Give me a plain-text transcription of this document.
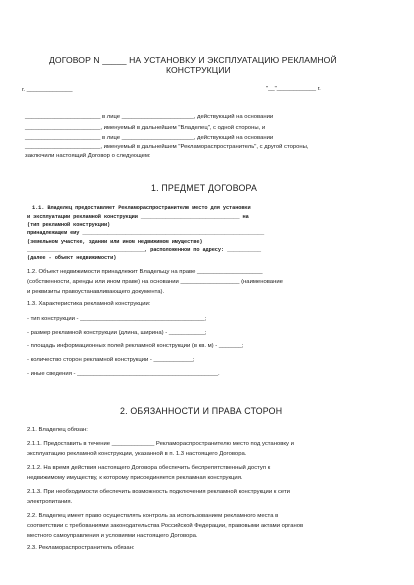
ДОГОВОР N _____ НА УСТАНОВКУ И ЭКСПЛУАТАЦИЮ РЕКЛАМНОЙ
КОНСТРУКЦИИ
г. ______________	"__"____________ г.
_______________________ в лице ______________________, действующий на основании
_______________________, именуемый в дальнейшем "Владелец", с одной стороны, и
_______________________ в лице ______________________, действующий на основании
_______________________, именуемый в дальнейшем "Рекламораспространитель", с другой стороны,
заключили настоящий Договор о следующем:
1. ПРЕДМЕТ ДОГОВОРА
1.1. Владелец предоставляет Рекламораспространителю место для установки
и эксплуатации рекламной конструкции ________________________________ на
(тип рекламной конструкции)
принадлежащем ему ___________________________________________________________
(земельном участке, здании или ином недвижимом имуществе)
______________________________________, расположенном по адресу: ___________
(далее - объект недвижимости)
1.2. Объект недвижимости принадлежит Владельцу на праве ____________________
(собственности, аренды или ином праве) на основании __________________ (наименование
и реквизиты правоустанавливающего документа).
1.3. Характеристика рекламной конструкции:
- тип конструкции - ______________________________________;
- размер рекламной конструкции (длина, ширина) - ___________;
- площадь информационных полей рекламной конструкции (в кв. м) - _______;
- количество сторон рекламной конструкции - ____________;
- иные сведения - ___________________________________________.
2. ОБЯЗАННОСТИ И ПРАВА СТОРОН
2.1. Владелец обязан:
2.1.1. Предоставить в течение _____________ Рекламораспространителю место под установку и
эксплуатацию рекламной конструкции, указанной в п. 1.3 настоящего Договора.
2.1.2. На время действия настоящего Договора обеспечить беспрепятственный доступ к
недвижимому имуществу, к которому присоединяется рекламная конструкция.
2.1.3. При необходимости обеспечить возможность подключения рекламной конструкции к сети
электропитания.
2.2. Владелец имеет право осуществлять контроль за использованием рекламного места в
соответствии с требованиями законодательства Российской Федерации, правовыми актами органов
местного самоуправления и условиями настоящего Договора.
2.3. Рекламораспространитель обязан:
